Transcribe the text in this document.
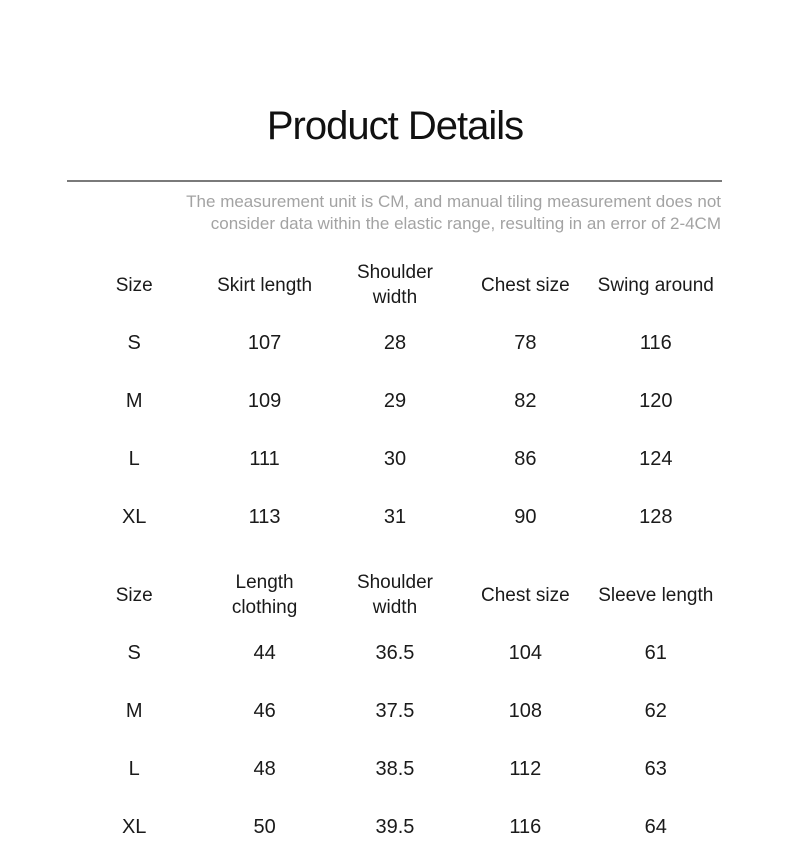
Product Details
The measurement unit is CM, and manual tiling measurement does not consider data within the elastic range, resulting in an error of 2-4CM
Size	Skirt length	Shoulder width	Chest size	Swing around
S	107	28	78	116
M	109	29	82	120
L	111	30	86	124
XL	113	31	90	128
Size	Length clothing	Shoulder width	Chest size	Sleeve length
S	44	36.5	104	61
M	46	37.5	108	62
L	48	38.5	112	63
XL	50	39.5	116	64
